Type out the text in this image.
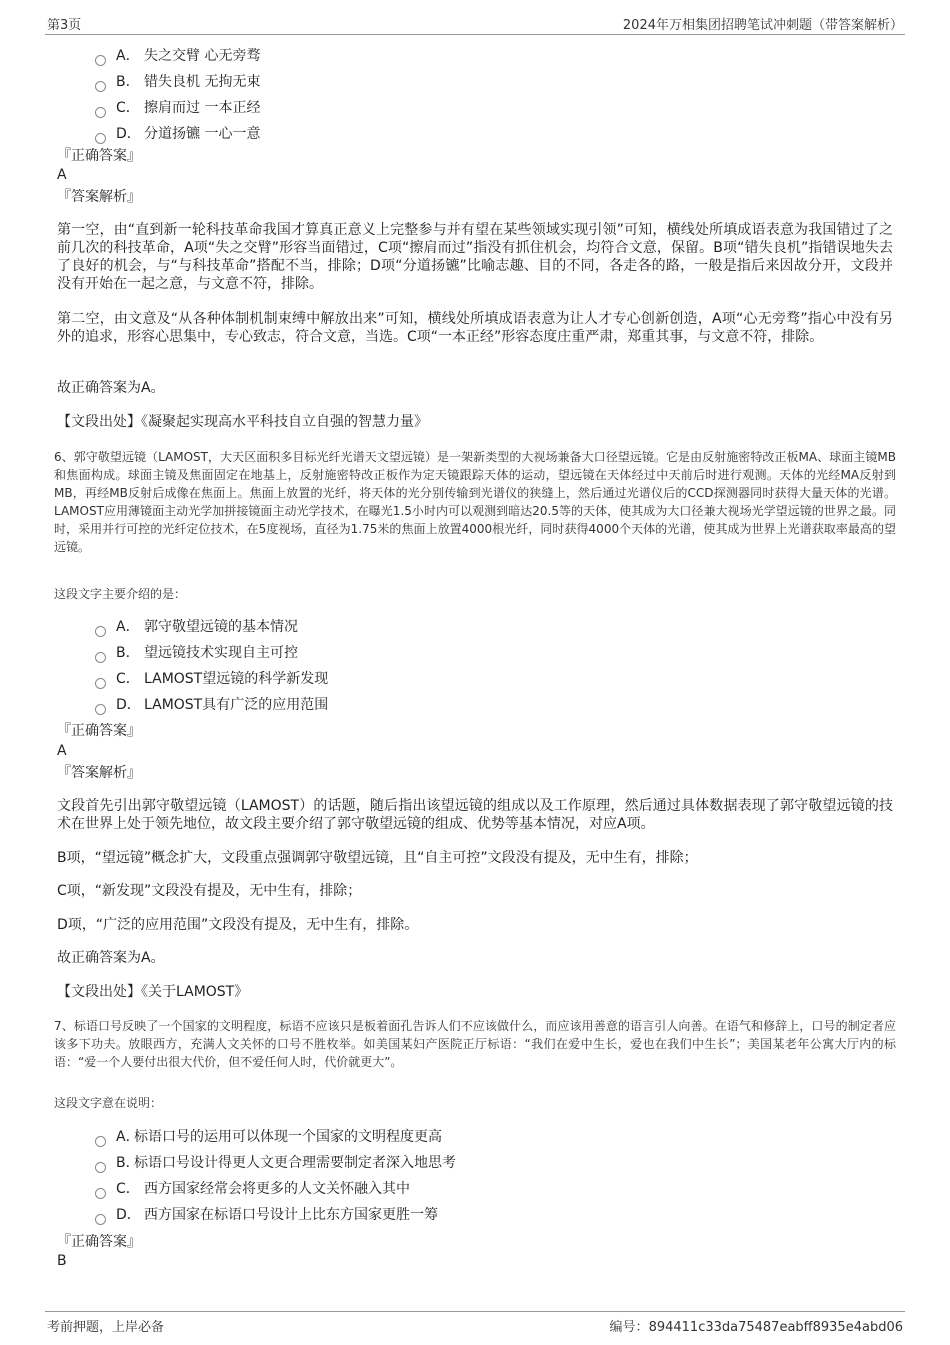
第3页	2024年万相集团招聘笔试冲刺题（带答案解析）
A． 失之交臂 心无旁骛
B． 错失良机 无拘无束
C． 擦肩而过 一本正经
D． 分道扬镳 一心一意
『正确答案』
A
『答案解析』
第一空，由“直到新一轮科技革命我国才算真正意义上完整参与并有望在某些领域实现引领”可知，横线处所填成语表意为我国错过了之前几次的科技革命，A项“失之交臂”形容当面错过，C项“擦肩而过”指没有抓住机会，均符合文意，保留。B项“错失良机”指错误地失去了良好的机会，与“与科技革命”搭配不当，排除；D项“分道扬镳”比喻志趣、目的不同，各走各的路，一般是指后来因故分开，文段并没有开始在一起之意，与文意不符，排除。
第二空，由文意及“从各种体制机制束缚中解放出来”可知，横线处所填成语表意为让人才专心创新创造，A项“心无旁骛”指心中没有另外的追求，形容心思集中，专心致志，符合文意，当选。C项“一本正经”形容态度庄重严肃，郑重其事，与文意不符，排除。
故正确答案为A。
【文段出处】《凝聚起实现高水平科技自立自强的智慧力量》
6、郭守敬望远镜（LAMOST，大天区面积多目标光纤光谱天文望远镜）是一架新类型的大视场兼备大口径望远镜。它是由反射施密特改正板MA、球面主镜MB和焦面构成。球面主镜及焦面固定在地基上，反射施密特改正板作为定天镜跟踪天体的运动，望远镜在天体经过中天前后时进行观测。天体的光经MA反射到MB，再经MB反射后成像在焦面上。焦面上放置的光纤，将天体的光分别传输到光谱仪的狭缝上，然后通过光谱仪后的CCD探测器同时获得大量天体的光谱。LAMOST应用薄镜面主动光学加拼接镜面主动光学技术，在曝光1.5小时内可以观测到暗达20.5等的天体，使其成为大口径兼大视场光学望远镜的世界之最。同时，采用并行可控的光纤定位技术，在5度视场，直径为1.75米的焦面上放置4000根光纤，同时获得4000个天体的光谱，使其成为世界上光谱获取率最高的望远镜。
这段文字主要介绍的是：
A． 郭守敬望远镜的基本情况
B． 望远镜技术实现自主可控
C． LAMOST望远镜的科学新发现
D． LAMOST具有广泛的应用范围
『正确答案』
A
『答案解析』
文段首先引出郭守敬望远镜（LAMOST）的话题，随后指出该望远镜的组成以及工作原理，然后通过具体数据表现了郭守敬望远镜的技术在世界上处于领先地位，故文段主要介绍了郭守敬望远镜的组成、优势等基本情况，对应A项。
B项，“望远镜”概念扩大，文段重点强调郭守敬望远镜，且“自主可控”文段没有提及，无中生有，排除；
C项，“新发现”文段没有提及，无中生有，排除；
D项，“广泛的应用范围”文段没有提及，无中生有，排除。
故正确答案为A。
【文段出处】《关于LAMOST》
7、标语口号反映了一个国家的文明程度，标语不应该只是板着面孔告诉人们不应该做什么，而应该用善意的语言引人向善。在语气和修辞上，口号的制定者应该多下功夫。放眼西方，充满人文关怀的口号不胜枚举。如美国某妇产医院正厅标语：“我们在爱中生长，爱也在我们中生长”；美国某老年公寓大厅内的标语：“爱一个人要付出很大代价，但不爱任何人时，代价就更大”。
这段文字意在说明：
A．
标语口号的运用可以体现一个国家的文明程度更高
B．
标语口号设计得更人文更合理需要制定者深入地思考
C． 西方国家经常会将更多的人文关怀融入其中
D． 西方国家在标语口号设计上比东方国家更胜一筹
『正确答案』
B
考前押题，上岸必备	编号：894411c33da75487eabff8935e4abd06
